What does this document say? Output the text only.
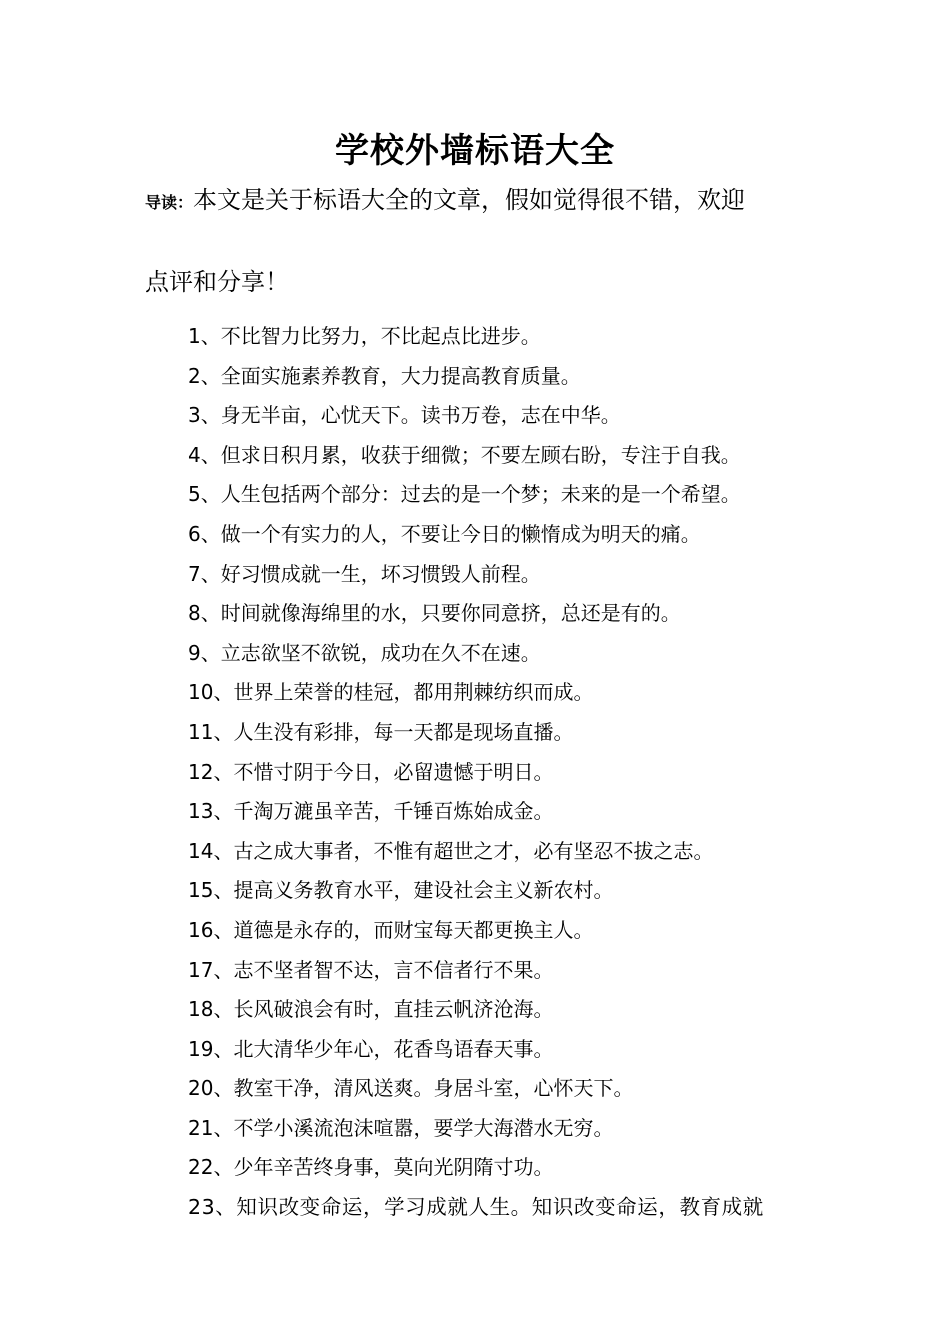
学校外墙标语大全
导读：本文是关于标语大全的文章，假如觉得很不错，欢迎
点评和分享！
1、不比智力比努力，不比起点比进步。
2、全面实施素养教育，大力提高教育质量。
3、身无半亩，心忧天下。读书万卷，志在中华。
4、但求日积月累，收获于细微；不要左顾右盼，专注于自我。
5、人生包括两个部分：过去的是一个梦；未来的是一个希望。
6、做一个有实力的人，不要让今日的懒惰成为明天的痛。
7、好习惯成就一生，坏习惯毁人前程。
8、时间就像海绵里的水，只要你同意挤，总还是有的。
9、立志欲坚不欲锐，成功在久不在速。
10、世界上荣誉的桂冠，都用荆棘纺织而成。
11、人生没有彩排，每一天都是现场直播。
12、不惜寸阴于今日，必留遗憾于明日。
13、千淘万漉虽辛苦，千锤百炼始成金。
14、古之成大事者，不惟有超世之才，必有坚忍不拔之志。
15、提高义务教育水平，建设社会主义新农村。
16、道德是永存的，而财宝每天都更换主人。
17、志不坚者智不达，言不信者行不果。
18、长风破浪会有时，直挂云帆济沧海。
19、北大清华少年心，花香鸟语春天事。
20、教室干净，清风送爽。身居斗室，心怀天下。
21、不学小溪流泡沫喧嚣，要学大海潜水无穷。
22、少年辛苦终身事，莫向光阴隋寸功。
23、知识改变命运，学习成就人生。知识改变命运，教育成就
